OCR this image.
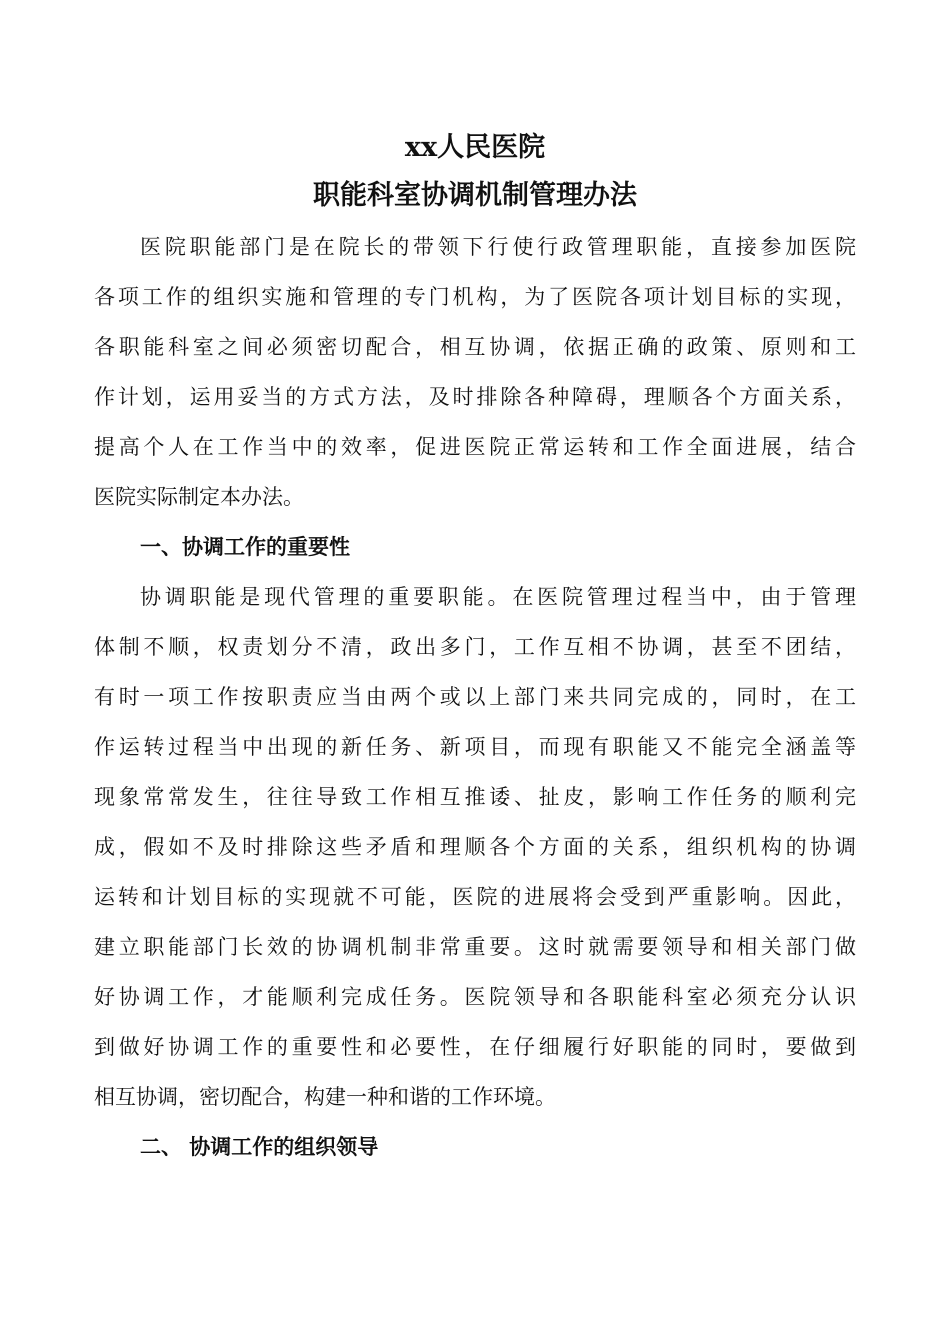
xx人民医院
职能科室协调机制管理办法
医院职能部门是在院长的带领下行使行政管理职能，直接参加医院
各项工作的组织实施和管理的专门机构，为了医院各项计划目标的实现，
各职能科室之间必须密切配合，相互协调，依据正确的政策、原则和工
作计划，运用妥当的方式方法，及时排除各种障碍，理顺各个方面关系，
提高个人在工作当中的效率，促进医院正常运转和工作全面进展，结合
医院实际制定本办法。
一、协调工作的重要性
协调职能是现代管理的重要职能。在医院管理过程当中，由于管理
体制不顺，权责划分不清，政出多门，工作互相不协调，甚至不团结，
有时一项工作按职责应当由两个或以上部门来共同完成的，同时，在工
作运转过程当中出现的新任务、新项目，而现有职能又不能完全涵盖等
现象常常发生，往往导致工作相互推诿、扯皮，影响工作任务的顺利完
成，假如不及时排除这些矛盾和理顺各个方面的关系，组织机构的协调
运转和计划目标的实现就不可能，医院的进展将会受到严重影响。因此，
建立职能部门长效的协调机制非常重要。这时就需要领导和相关部门做
好协调工作，才能顺利完成任务。医院领导和各职能科室必须充分认识
到做好协调工作的重要性和必要性，在仔细履行好职能的同时，要做到
相互协调，密切配合，构建一种和谐的工作环境。
二、 协调工作的组织领导
